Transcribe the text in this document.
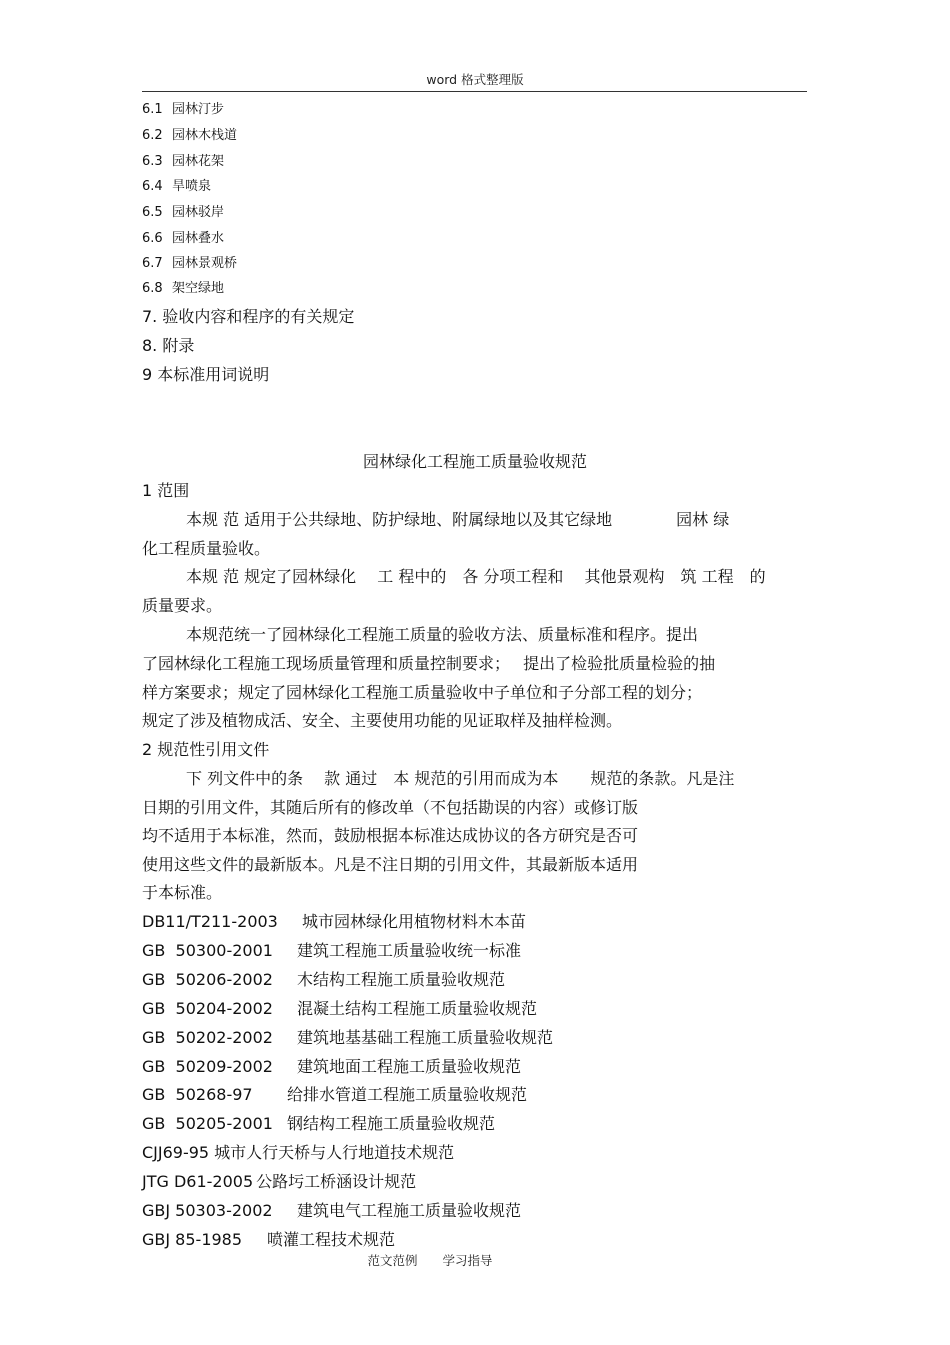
word 格式整理版
6.1 园林汀步
6.2 园林木栈道
6.3 园林花架
6.4 旱喷泉
6.5 园林驳岸
6.6 园林叠水
6.7 园林景观桥
6.8 架空绿地
7. 验收内容和程序的有关规定
8. 附录
9 本标准用词说明
园林绿化工程施工质量验收规范
1 范围
本规 范 适用于公共绿地、防护绿地、附属绿地以及其它绿地　　　　园林 绿
化工程质量验收。
本规 范 规定了园林绿化　 工 程中的　各 分项工程和　 其他景观构　筑 工程　的
质量要求。
本规范统一了园林绿化工程施工质量的验收方法、质量标准和程序。提出
了园林绿化工程施工现场质量管理和质量控制要求；　 提出了检验批质量检验的抽
样方案要求；规定了园林绿化工程施工质量验收中子单位和子分部工程的划分；
规定了涉及植物成活、安全、主要使用功能的见证取样及抽样检测。
2 规范性引用文件
下 列文件中的条　 款 通过　本 规范的引用而成为本　　规范的条款。凡是注
日期的引用文件，其随后所有的修改单（不包括勘误的内容）或修订版
均不适用于本标准，然而，鼓励根据本标准达成协议的各方研究是否可
使用这些文件的最新版本。凡是不注日期的引用文件，其最新版本适用
于本标准。
DB11/T211-2003 城市园林绿化用植物材料木本苗
GB  50300-2001 建筑工程施工质量验收统一标准
GB  50206-2002 木结构工程施工质量验收规范
GB  50204-2002 混凝土结构工程施工质量验收规范
GB  50202-2002 建筑地基基础工程施工质量验收规范
GB  50209-2002 建筑地面工程施工质量验收规范
GB  50268-97 给排水管道工程施工质量验收规范
GB  50205-2001 钢结构工程施工质量验收规范
CJJ69-95 城市人行天桥与人行地道技术规范
JTG D61-2005 公路圬工桥涵设计规范
GBJ 50303-2002 建筑电气工程施工质量验收规范
GBJ 85-1985 喷灌工程技术规范
范文范例　　学习指导
